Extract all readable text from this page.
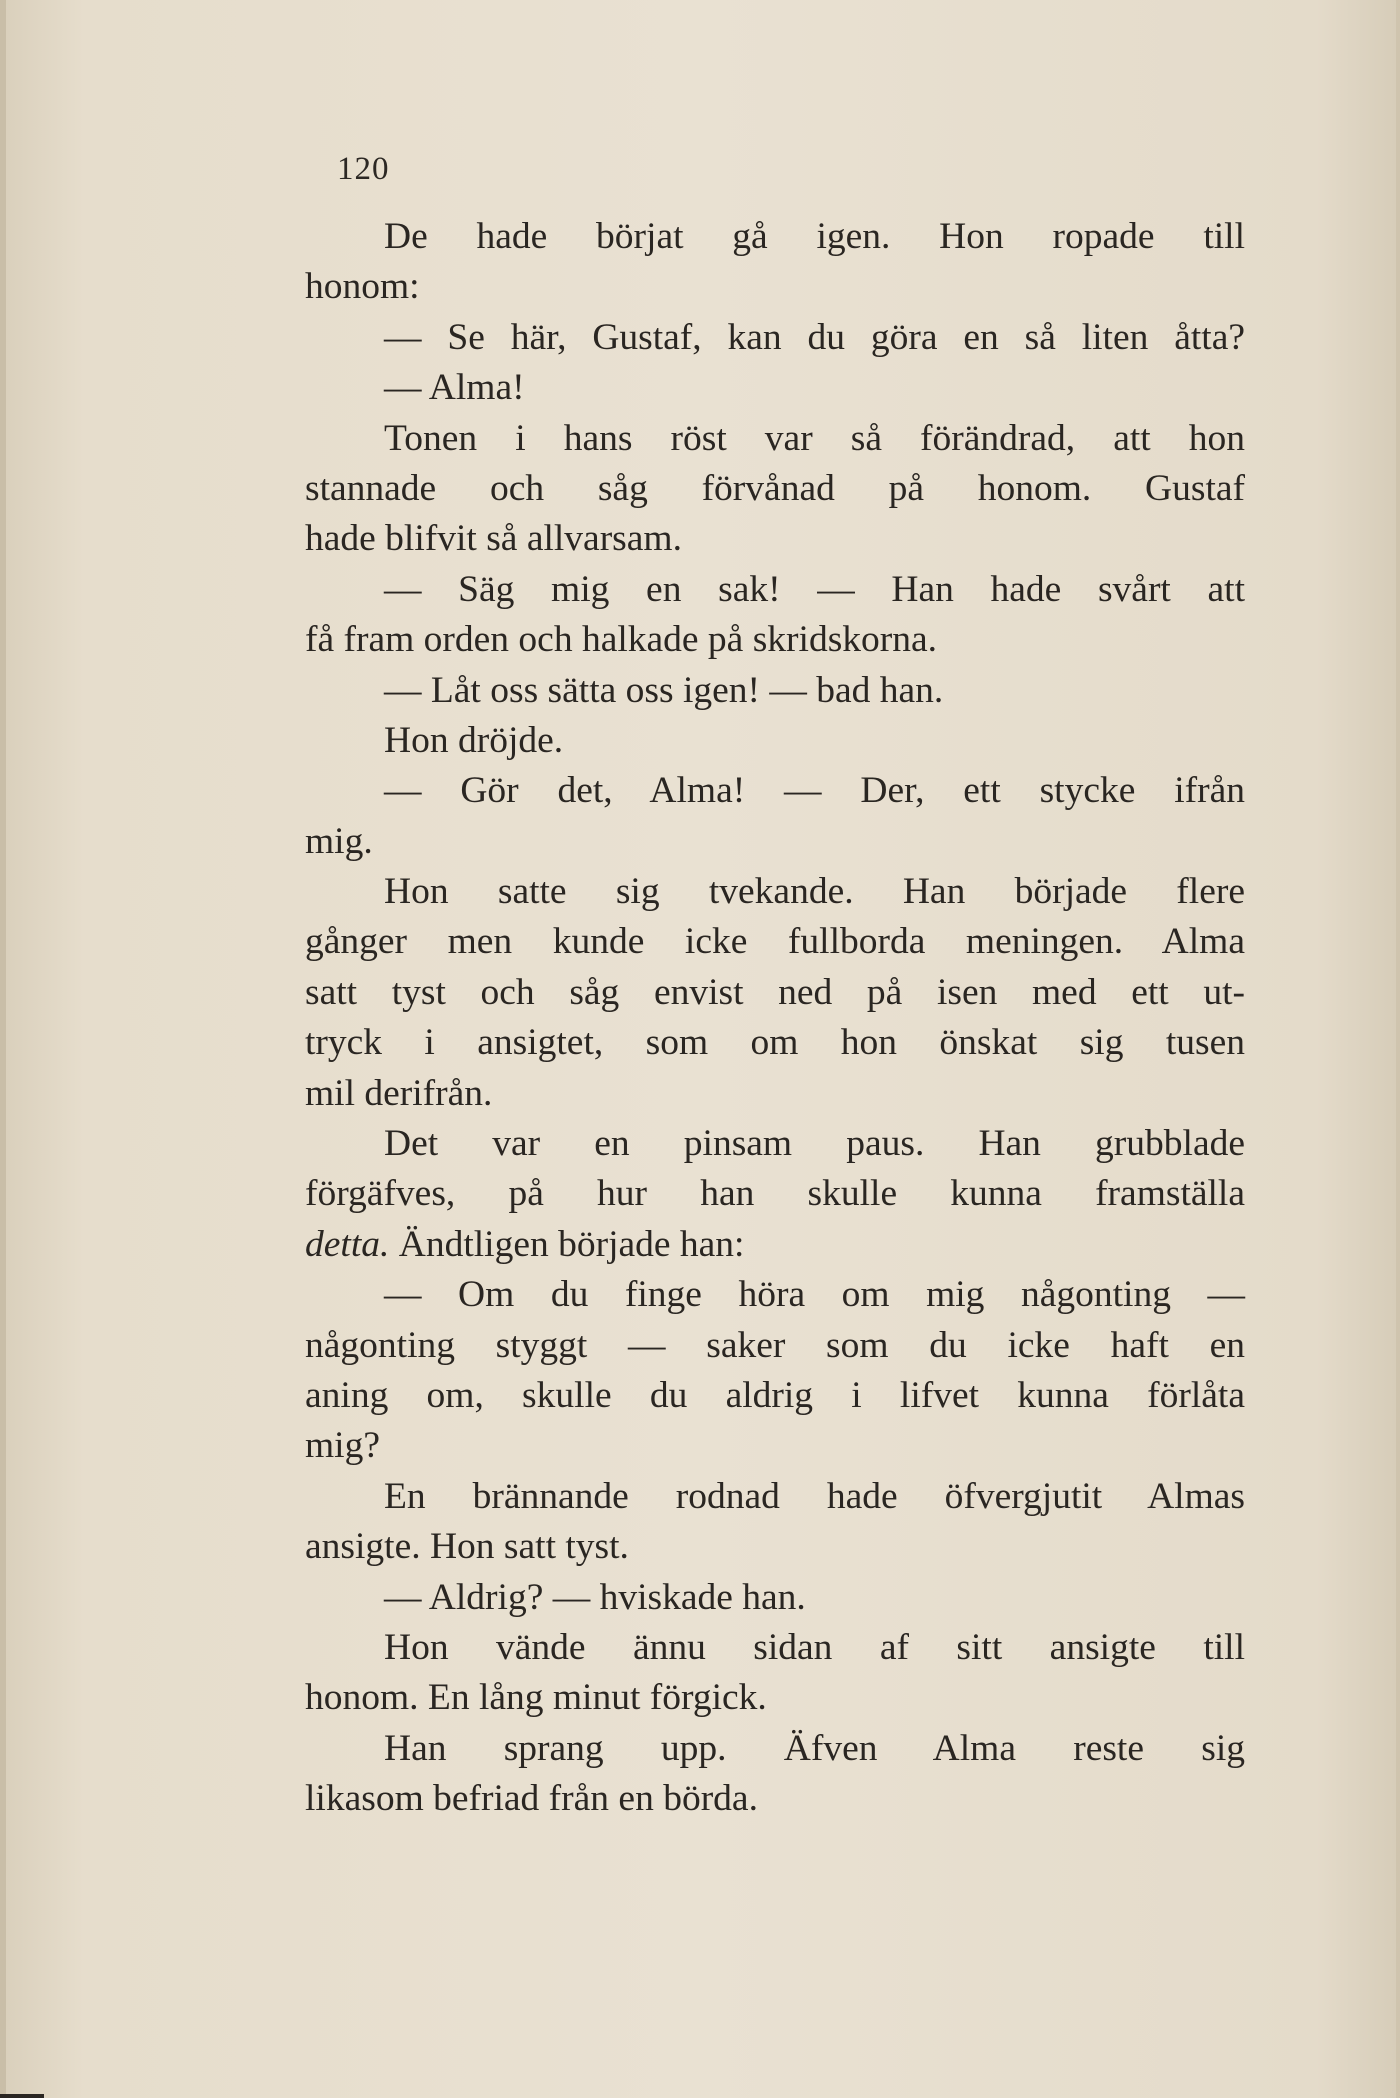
120
De hade börjat gå igen. Hon ropade till
honom:
— Se här, Gustaf, kan du göra en så liten åtta?
— Alma!
Tonen i hans röst var så förändrad, att hon
stannade och såg förvånad på honom. Gustaf
hade blifvit så allvarsam.
— Säg mig en sak! — Han hade svårt att
få fram orden och halkade på skridskorna.
— Låt oss sätta oss igen! — bad han.
Hon dröjde.
— Gör det, Alma! — Der, ett stycke ifrån
mig.
Hon satte sig tvekande. Han började flere
gånger men kunde icke fullborda meningen. Alma
satt tyst och såg envist ned på isen med ett ut-
tryck i ansigtet, som om hon önskat sig tusen
mil derifrån.
Det var en pinsam paus. Han grubblade
förgäfves, på hur han skulle kunna framställa
detta. Ändtligen började han:
— Om du finge höra om mig någonting —
någonting styggt — saker som du icke haft en
aning om, skulle du aldrig i lifvet kunna förlåta
mig?
En brännande rodnad hade öfvergjutit Almas
ansigte. Hon satt tyst.
— Aldrig? — hviskade han.
Hon vände ännu sidan af sitt ansigte till
honom. En lång minut förgick.
Han sprang upp. Äfven Alma reste sig
likasom befriad från en börda.
